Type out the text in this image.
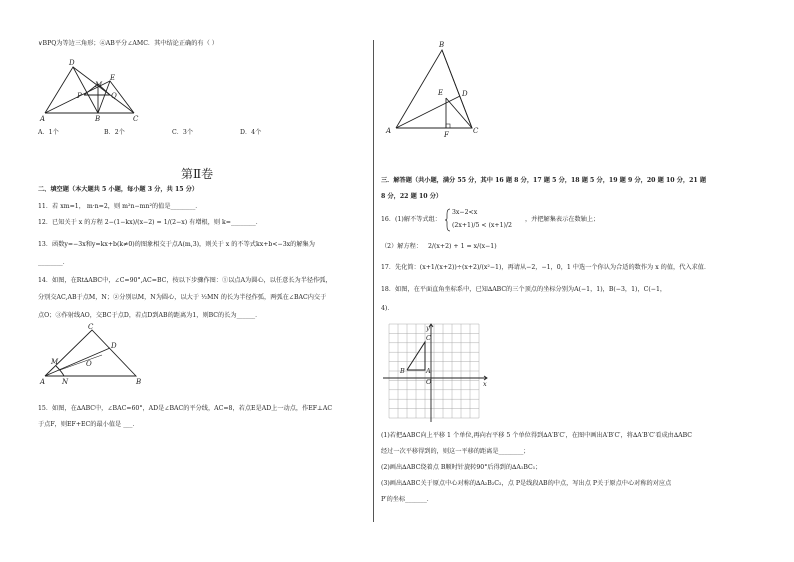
∨BPQ为等边三角形；④AB平分∠AMC．其中结论正确的有（ ）
D
M
E
P	Q
A	B	C
A．1个	B．2个	C．3个	D．4个
第Ⅱ卷
二、填空题（本大题共 5 小题，每小题 3 分，共 15 分）
11．若 xm=1， m·n=2，则 m²n−mn²的值是________．
12．已知关于 x 的方程 2−(1−kx)/(x−2) = 1/(2−x) 有增根，则 k=________．
13．函数y=−3x和y=kx+b(k≠0)的图象相交于点A(m,3)，则关于 x 的不等式kx+b<−3x的解集为
________．
14．如图，在Rt∆ABC中，∠C=90°,AC=BC，按以下步骤作图：①以点A为圆心，以任意长为半径作弧，
分别交AC,AB于点M，N；②分别以M，N为圆心，以大于 ½MN 的长为半径作弧，两弧在∠BAC内交于
点O；③作射线AO，交BC于点D，若点D到AB的距离为1，则BC的长为______．
C
M
D
O
A N	B
15．如图，在∆ABC中，∠BAC=60°，AD是∠BAC的平分线，AC=8，若点E是AD上一动点，作EF⊥AC
于点F，则EF+EC的最小值是 ___．
B
E	D
A	F	C
三．解答题（共小题，满分 55 分，其中 16 题 8 分，17 题 5 分，18 题 5 分，19 题 9 分，20 题 10 分，21 题
8 分，22 题 10 分）
16．(1)解不等式组：
3x−2<x
(2x+1)/5 < (x+1)/2
，并把解集表示在数轴上；
（2）解方程： 2/(x+2) + 1 = x/(x−1)
17．先化简：(x+1/(x+2))÷(x+2)/(x²−1)，再请从−2，−1，0，1 中选一个你认为合适的数作为 x 的值，代入求值．
18．如图，在平面直角坐标系中，已知∆ABC的三个顶点的坐标分别为A(−1，1)，B(−3，1)，C(−1，
4)．
y
x
C
B	A
O
(1)若把∆ABC向上平移 1 个单位,再向右平移 5 个单位得到∆A′B′C′，在图中画出A′B′C′，将∆A′B′C′看成由∆ABC
经过一次平移得到的，则这一平移的距离是________；
(2)画出∆ABC绕着点 B顺时针旋转90°后得到的∆A₁BC₁；
(3)画出∆ABC关于原点中心对称的∆A₂B₂C₂，点 P是线段AB的中点，写出点 P关于原点中心对称的对应点
P′的坐标_______．
